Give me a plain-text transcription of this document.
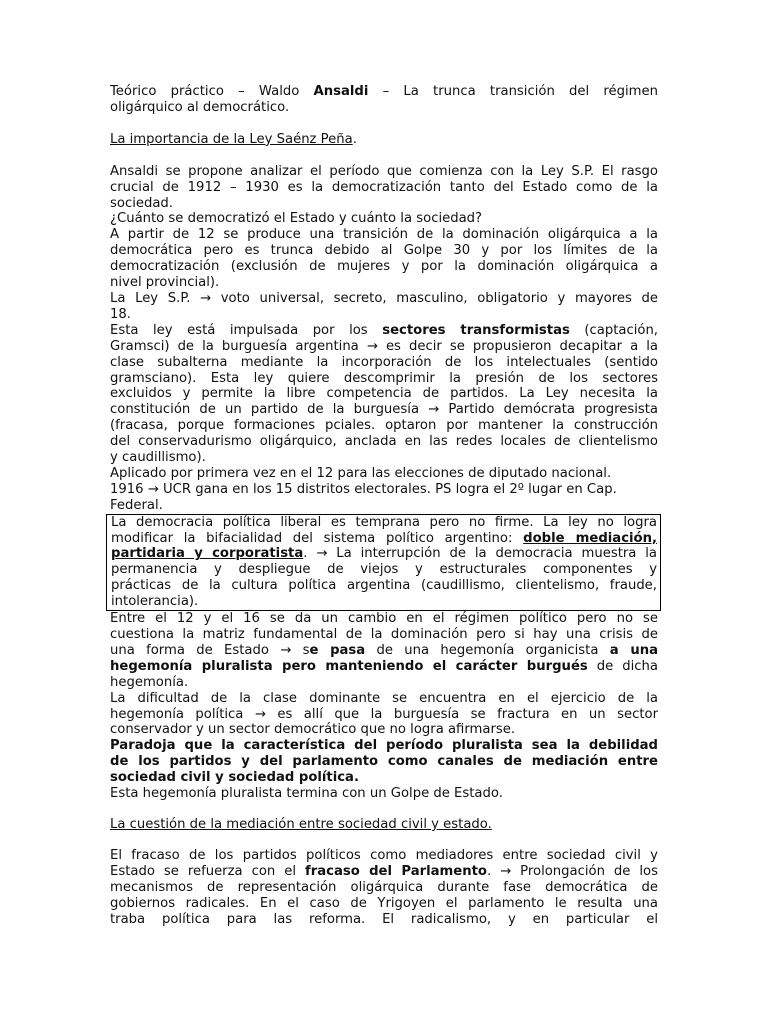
Teórico práctico – Waldo Ansaldi – La trunca transición del régimen

oligárquico al democrático.

La importancia de la Ley Saénz Peña.

Ansaldi se propone analizar el período que comienza con la Ley S.P. El rasgo

crucial de 1912 – 1930 es la democratización tanto del Estado como de la

sociedad.

¿Cuánto se democratizó el Estado y cuánto la sociedad?

A partir de 12 se produce una transición de la dominación oligárquica a la

democrática pero es trunca debido al Golpe 30 y por los límites de la

democratización (exclusión de mujeres y por la dominación oligárquica a

nivel provincial).

La Ley S.P. → voto universal, secreto, masculino, obligatorio y mayores de

18.

Esta ley está impulsada por los sectores transformistas (captación,

Gramsci) de la burguesía argentina → es decir se propusieron decapitar a la

clase subalterna mediante la incorporación de los intelectuales (sentido

gramsciano). Esta ley quiere descomprimir la presión de los sectores

excluidos y permite la libre competencia de partidos. La Ley necesita la

constitución de un partido de la burguesía → Partido demócrata progresista

(fracasa, porque formaciones pciales. optaron por mantener la construcción

del conservadurismo oligárquico, anclada en las redes locales de clientelismo

y caudillismo).

Aplicado por primera vez en el 12 para las elecciones de diputado nacional.

1916 → UCR gana en los 15 distritos electorales. PS logra el 2º lugar en Cap.

Federal.

La democracia política liberal es temprana pero no firme. La ley no logra

modificar la bifacialidad del sistema político argentino: doble mediación,

partidaria y corporatista. → La interrupción de la democracia muestra la

permanencia y despliegue de viejos y estructurales componentes y

prácticas de la cultura política argentina (caudillismo, clientelismo, fraude,

intolerancia).

Entre el 12 y el 16 se da un cambio en el régimen político pero no se

cuestiona la matriz fundamental de la dominación pero si hay una crisis de

una forma de Estado → se pasa de una hegemonía organicista a una

hegemonía pluralista pero manteniendo el carácter burgués de dicha

hegemonía.

La dificultad de la clase dominante se encuentra en el ejercicio de la

hegemonía política → es allí que la burguesía se fractura en un sector

conservador y un sector democrático que no logra afirmarse.

Paradoja que la característica del período pluralista sea la debilidad

de los partidos y del parlamento como canales de mediación entre

sociedad civil y sociedad política.

Esta hegemonía pluralista termina con un Golpe de Estado.

La cuestión de la mediación entre sociedad civil y estado.

El fracaso de los partidos políticos como mediadores entre sociedad civil y

Estado se refuerza con el fracaso del Parlamento. → Prolongación de los

mecanismos de representación oligárquica durante fase democrática de

gobiernos radicales. En el caso de Yrigoyen el parlamento le resulta una

traba política para las reforma. El radicalismo, y en particular el
